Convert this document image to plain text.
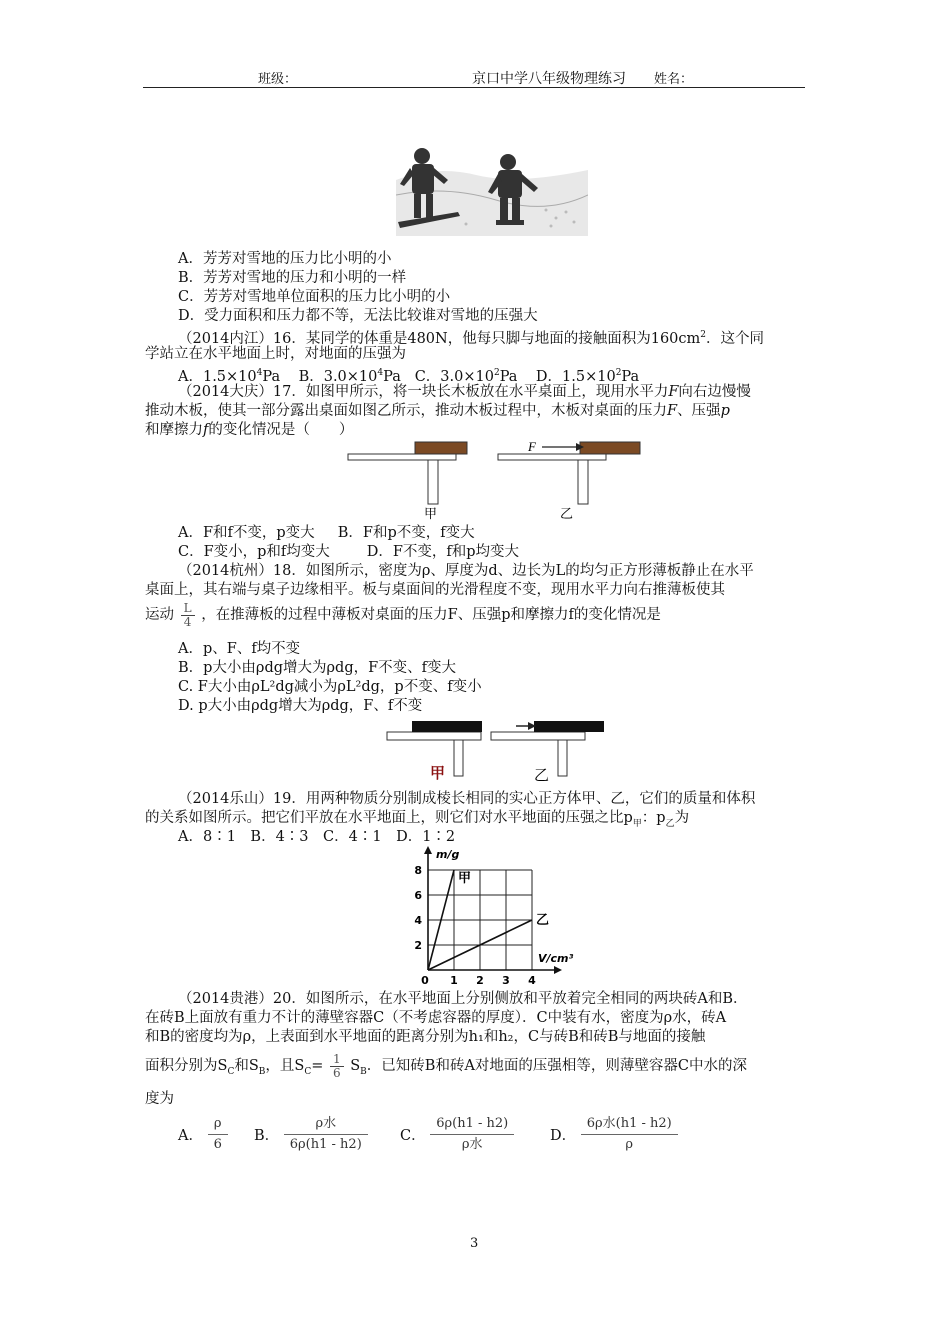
班级：	京口中学八年级物理练习 姓名：
A．芳芳对雪地的压力比小明的小
B．芳芳对雪地的压力和小明的一样
C．芳芳对雪地单位面积的压力比小明的小
D．受力面积和压力都不等，无法比较谁对雪地的压强大
（2014内江）16．某同学的体重是480N，他每只脚与地面的接触面积为$160cm^2$．这个同
学站立在水平地面上时，对地面的压强为
A．$1.5\times 10^4Pa$ B．$3.0\times 10^4Pa$ C．$3.0\times 10^2Pa$ D．$1.5\times 10^2Pa$
（2014大庆）17．如图甲所示，将一块长木板放在水平桌面上，现用水平力F向右边慢慢
推动木板，使其一部分露出桌面如图乙所示，推动木板过程中，木板对桌面的压力F、压强p
和摩擦力f的变化情况是（　　）
F
甲	乙
A．F和f不变，p变大 B．F和p不变，f变大
C．F变小，p和f均变大	D．F不变，f和p均变大
（2014杭州）18．如图所示，密度为ρ、厚度为d、边长为L的均匀正方形薄板静止在水平
桌面上，其右端与桌子边缘相平。板与桌面间的光滑程度不变，现用水平力向右推薄板使其
运动 $\frac{L}{4}$ ，在推薄板的过程中薄板对桌面的压力F、压强p和摩擦力f的变化情况是
A．p、F、f均不变
B．p大小由ρdg增大为ρdg，F不变、f变大
C. F大小由ρL²dg减小为ρL²dg，p不变、f变小
D. p大小由ρdg增大为ρdg，F、f不变
甲	乙
（2014乐山）19．用两种物质分别制成棱长相同的实心正方体甲、乙，它们的质量和体积
的关系如图所示。把它们平放在水平地面上，则它们对水平地面的压强之比$p_甲$：$p_乙$为
A．8∶1　B．4∶3　C．4∶1　D．1∶2
0 1 2 3 4
2
4
6
8
m/g
V/cm³
甲
乙
（2014贵港）20．如图所示，在水平地面上分别侧放和平放着完全相同的两块砖A和B．
在砖B上面放有重力不计的薄壁容器C（不考虑容器的厚度）．C中装有水，密度为ρ水，砖A
和B的密度均为ρ，上表面到水平地面的距离分别为h₁和h₂，C与砖B和砖B与地面的接触
面积分别为$S_C$和$S_B$，且$S_C= \frac{1}{6} S_B$．已知砖B和砖A对地面的压强相等，则薄壁容器C中水的深
度为
A． $\frac{\rho}{6}$ B． $\frac{\text{ρ水}}{6\rho(h1 - h2)}$ C． $\frac{6\rho(h1 - h2)}{\text{ρ水}}$ D． $\frac{\text{6ρ水(h1 - h2)}}{\rho}$
3
